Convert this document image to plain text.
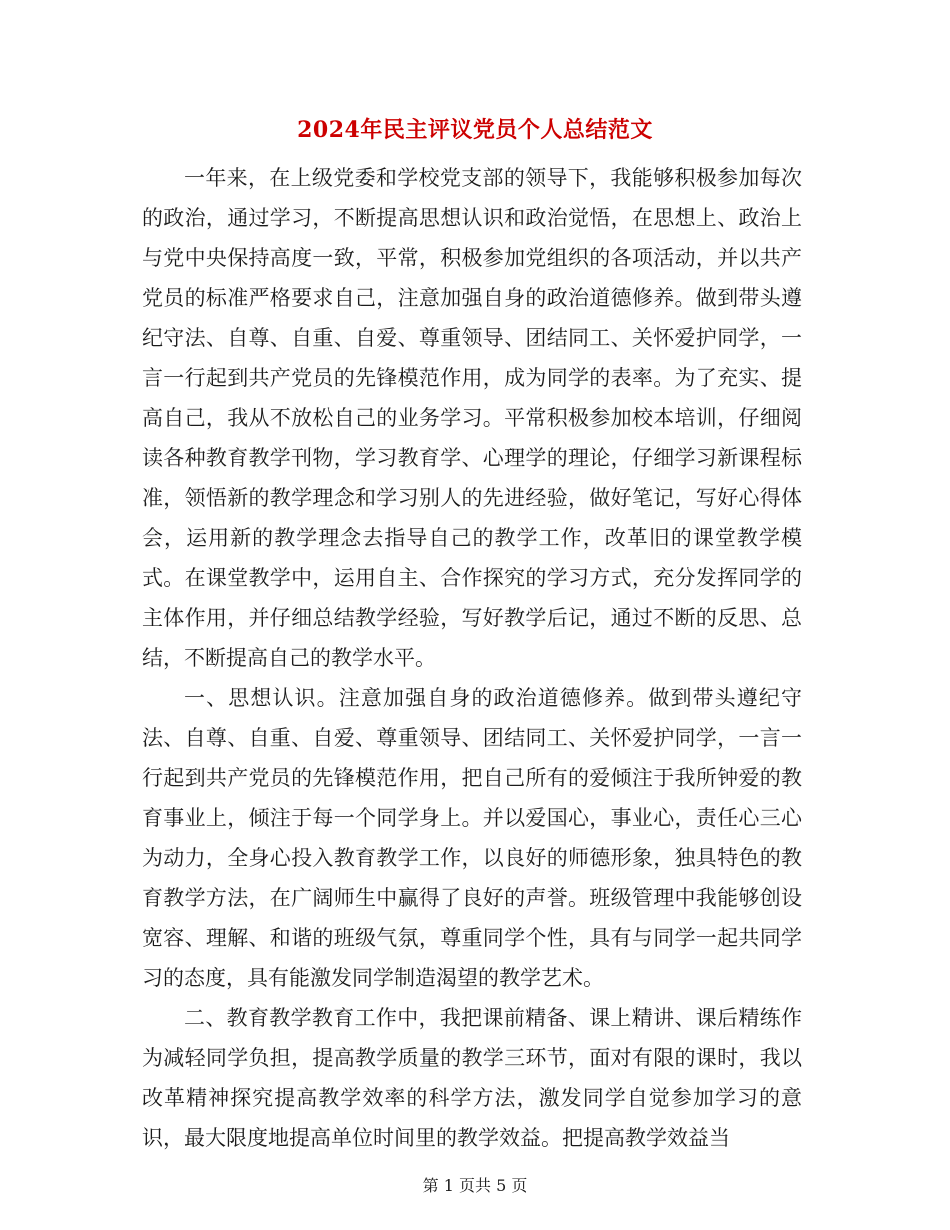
2024年民主评议党员个人总结范文

一年来，在上级党委和学校党支部的领导下，我能够积极参加每次的政治，通过学习，不断提高思想认识和政治觉悟，在思想上、政治上与党中央保持高度一致，平常，积极参加党组织的各项活动，并以共产党员的标准严格要求自己，注意加强自身的政治道德修养。做到带头遵纪守法、自尊、自重、自爱、尊重领导、团结同工、关怀爱护同学，一言一行起到共产党员的先锋模范作用，成为同学的表率。为了充实、提高自己，我从不放松自己的业务学习。平常积极参加校本培训，仔细阅读各种教育教学刊物，学习教育学、心理学的理论，仔细学习新课程标准，领悟新的教学理念和学习别人的先进经验，做好笔记，写好心得体会，运用新的教学理念去指导自己的教学工作，改革旧的课堂教学模式。在课堂教学中，运用自主、合作探究的学习方式，充分发挥同学的主体作用，并仔细总结教学经验，写好教学后记，通过不断的反思、总结，不断提高自己的教学水平。

一、思想认识。注意加强自身的政治道德修养。做到带头遵纪守法、自尊、自重、自爱、尊重领导、团结同工、关怀爱护同学，一言一行起到共产党员的先锋模范作用，把自己所有的爱倾注于我所钟爱的教育事业上，倾注于每一个同学身上。并以爱国心，事业心，责任心三心为动力，全身心投入教育教学工作，以良好的师德形象，独具特色的教育教学方法，在广阔师生中赢得了良好的声誉。班级管理中我能够创设宽容、理解、和谐的班级气氛，尊重同学个性，具有与同学一起共同学习的态度，具有能激发同学制造渴望的教学艺术。

二、教育教学教育工作中，我把课前精备、课上精讲、课后精练作为减轻同学负担，提高教学质量的教学三环节，面对有限的课时，我以改革精神探究提高教学效率的科学方法，激发同学自觉参加学习的意识，最大限度地提高单位时间里的教学效益。把提高教学效益当

第 1 页共 5 页
